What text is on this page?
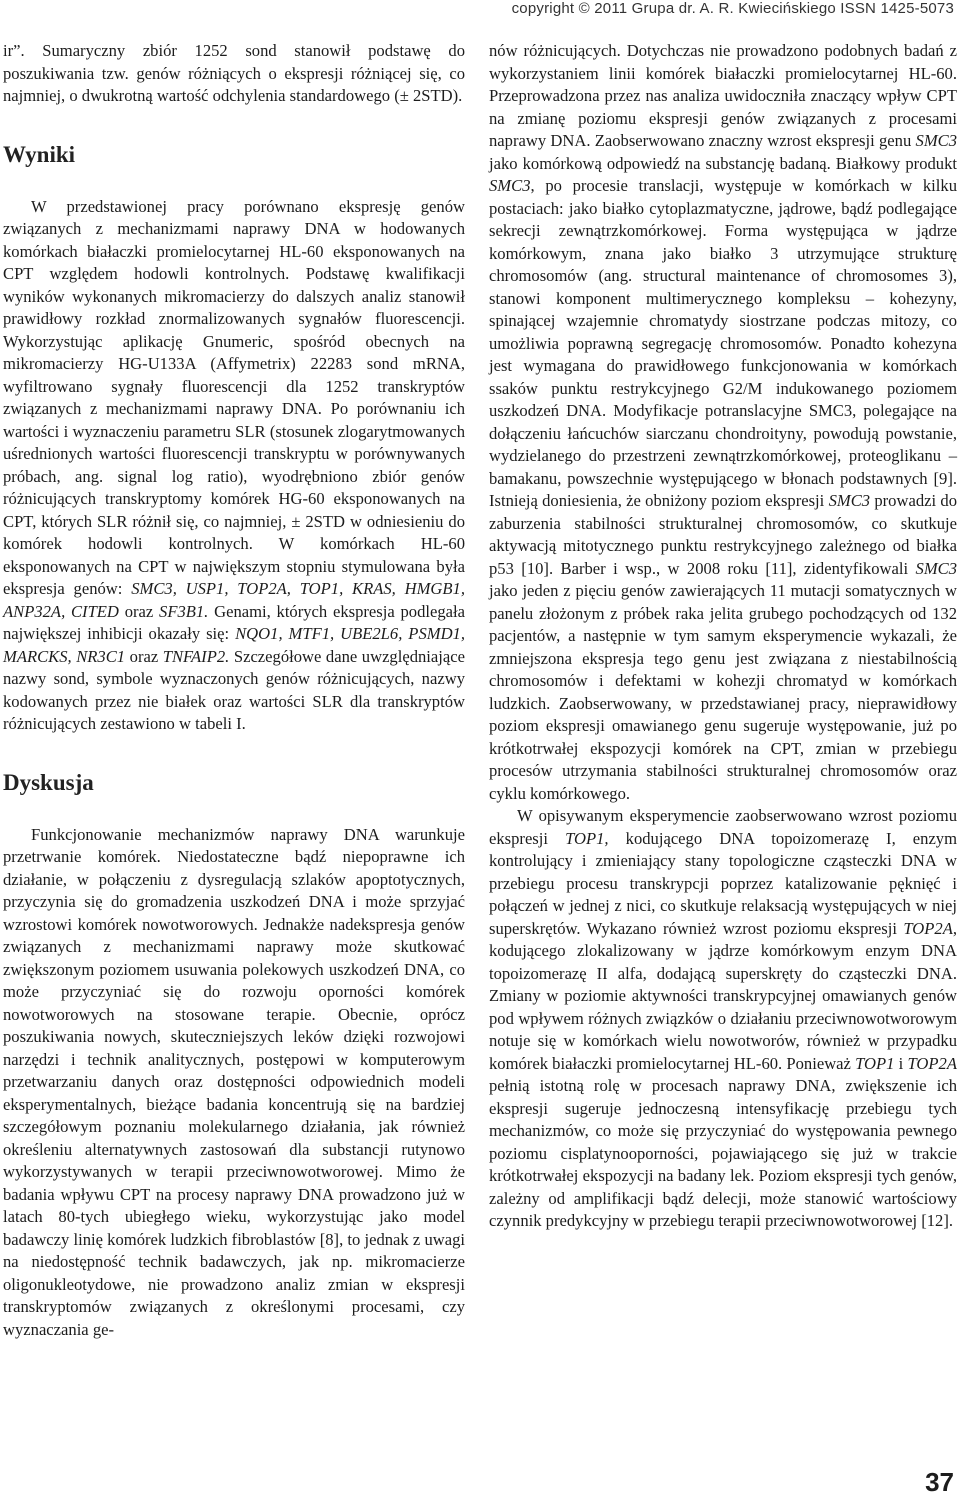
copyright © 2011 Grupa dr. A. R. Kwiecińskiego ISSN 1425-5073

ir”. Sumaryczny zbiór 1252 sond stanowił podstawę do poszukiwania tzw. genów różniących o ekspresji różniącej się, co najmniej, o dwukrotną wartość odchylenia standardowego (± 2STD).

Wyniki

W przedstawionej pracy porównano ekspresję genów związanych z mechanizmami naprawy DNA w hodowanych komórkach białaczki promielocytarnej HL-60 eksponowanych na CPT względem hodowli kontrolnych. Podstawę kwalifikacji wyników wykonanych mikromacierzy do dalszych analiz stanowił prawidłowy rozkład znormalizowanych sygnałów fluorescencji. Wykorzystując aplikację Gnumeric, spośród obecnych na mikromacierzy HG-U133A (Affymetrix) 22283 sond mRNA, wyfiltrowano sygnały fluorescencji dla 1252 transkryptów związanych z mechanizmami naprawy DNA. Po porównaniu ich wartości i wyznaczeniu parametru SLR (stosunek zlogarytmowanych uśrednionych wartości fluorescencji transkryptu w porównywanych próbach, ang. signal log ratio), wyodrębniono zbiór genów różnicujących transkryptomy komórek HG-60 eksponowanych na CPT, których SLR różnił się, co najmniej, ± 2STD w odniesieniu do komórek hodowli kontrolnych. W komórkach HL-60 eksponowanych na CPT w największym stopniu stymulowana była ekspresja genów: SMC3, USP1, TOP2A, TOP1, KRAS, HMGB1, ANP32A, CITED oraz SF3B1. Genami, których ekspresja podlegała największej inhibicji okazały się: NQO1, MTF1, UBE2L6, PSMD1, MARCKS, NR3C1 oraz TNFAIP2. Szczegółowe dane uwzględniające nazwy sond, symbole wyznaczonych genów różnicujących, nazwy kodowanych przez nie białek oraz wartości SLR dla transkryptów różnicujących zestawiono w tabeli I.

Dyskusja

Funkcjonowanie mechanizmów naprawy DNA warunkuje przetrwanie komórek. Niedostateczne bądź niepoprawne ich działanie, w połączeniu z dysregulacją szlaków apoptotycznych, przyczynia się do gromadzenia uszkodzeń DNA i może sprzyjać wzrostowi komórek nowotworowych. Jednakże nadekspresja genów związanych z mechanizmami naprawy może skutkować zwiększonym poziomem usuwania polekowych uszkodzeń DNA, co może przyczyniać się do rozwoju oporności komórek nowotworowych na stosowane terapie. Obecnie, oprócz poszukiwania nowych, skuteczniejszych leków dzięki rozwojowi narzędzi i technik analitycznych, postępowi w komputerowym przetwarzaniu danych oraz dostępności odpowiednich modeli eksperymentalnych, bieżące badania koncentrują się na bardziej szczegółowym poznaniu molekularnego działania, jak również określeniu alternatywnych zastosowań dla substancji rutynowo wykorzystywanych w terapii przeciwnowotworowej. Mimo że badania wpływu CPT na procesy naprawy DNA prowadzono już w latach 80-tych ubiegłego wieku, wykorzystując jako model badawczy linię komórek ludzkich fibroblastów [8], to jednak z uwagi na niedostępność technik badawczych, jak np. mikromacierze oligonukleotydowe, nie prowadzono analiz zmian w ekspresji transkryptomów związanych z określonymi procesami, czy wyznaczania ge-

nów różnicujących. Dotychczas nie prowadzono podobnych badań z wykorzystaniem linii komórek białaczki promielocytarnej HL-60. Przeprowadzona przez nas analiza uwidoczniła znaczący wpływ CPT na zmianę poziomu ekspresji genów związanych z procesami naprawy DNA. Zaobserwowano znaczny wzrost ekspresji genu SMC3 jako komórkową odpowiedź na substancję badaną. Białkowy produkt SMC3, po procesie translacji, występuje w komórkach w kilku postaciach: jako białko cytoplazmatyczne, jądrowe, bądź podlegające sekrecji zewnątrzkomórkowej. Forma występująca w jądrze komórkowym, znana jako białko 3 utrzymujące strukturę chromosomów (ang. structural maintenance of chromosomes 3), stanowi komponent multimerycznego kompleksu – kohezyny, spinającej wzajemnie chromatydy siostrzane podczas mitozy, co umożliwia poprawną segregację chromosomów. Ponadto kohezyna jest wymagana do prawidłowego funkcjonowania w komórkach ssaków punktu restrykcyjnego G2/M indukowanego poziomem uszkodzeń DNA. Modyfikacje potranslacyjne SMC3, polegające na dołączeniu łańcuchów siarczanu chondroityny, powodują powstanie, wydzielanego do przestrzeni zewnątrzkomórkowej, proteoglikanu – bamakanu, powszechnie występującego w błonach podstawnych [9]. Istnieją doniesienia, że obniżony poziom ekspresji SMC3 prowadzi do zaburzenia stabilności strukturalnej chromosomów, co skutkuje aktywacją mitotycznego punktu restrykcyjnego zależnego od białka p53 [10]. Barber i wsp., w 2008 roku [11], zidentyfikowali SMC3 jako jeden z pięciu genów zawierających 11 mutacji somatycznych w panelu złożonym z próbek raka jelita grubego pochodzących od 132 pacjentów, a następnie w tym samym eksperymencie wykazali, że zmniejszona ekspresja tego genu jest związana z niestabilnością chromosomów i defektami w kohezji chromatyd w komórkach ludzkich. Zaobserwowany, w przedstawianej pracy, nieprawidłowy poziom ekspresji omawianego genu sugeruje występowanie, już po krótkotrwałej ekspozycji komórek na CPT, zmian w przebiegu procesów utrzymania stabilności strukturalnej chromosomów oraz cyklu komórkowego.

W opisywanym eksperymencie zaobserwowano wzrost poziomu ekspresji TOP1, kodującego DNA topoizomerazę I, enzym kontrolujący i zmieniający stany topologiczne cząsteczki DNA w przebiegu procesu transkrypcji poprzez katalizowanie pęknięć i połączeń w jednej z nici, co skutkuje relaksacją występujących w niej superskrętów. Wykazano również wzrost poziomu ekspresji TOP2A, kodującego zlokalizowany w jądrze komórkowym enzym DNA topoizomerazę II alfa, dodającą superskręty do cząsteczki DNA. Zmiany w poziomie aktywności transkrypcyjnej omawianych genów pod wpływem różnych związków o działaniu przeciwnowotworowym notuje się w komórkach wielu nowotworów, również w przypadku komórek białaczki promielocytarnej HL-60. Ponieważ TOP1 i TOP2A pełnią istotną rolę w procesach naprawy DNA, zwiększenie ich ekspresji sugeruje jednoczesną intensyfikację przebiegu tych mechanizmów, co może się przyczyniać do występowania pewnego poziomu cisplatynooporności, pojawiającego się już w trakcie krótkotrwałej ekspozycji na badany lek. Poziom ekspresji tych genów, zależny od amplifikacji bądź delecji, może stanowić wartościowy czynnik predykcyjny w przebiegu terapii przeciwnowotworowej [12].

37
